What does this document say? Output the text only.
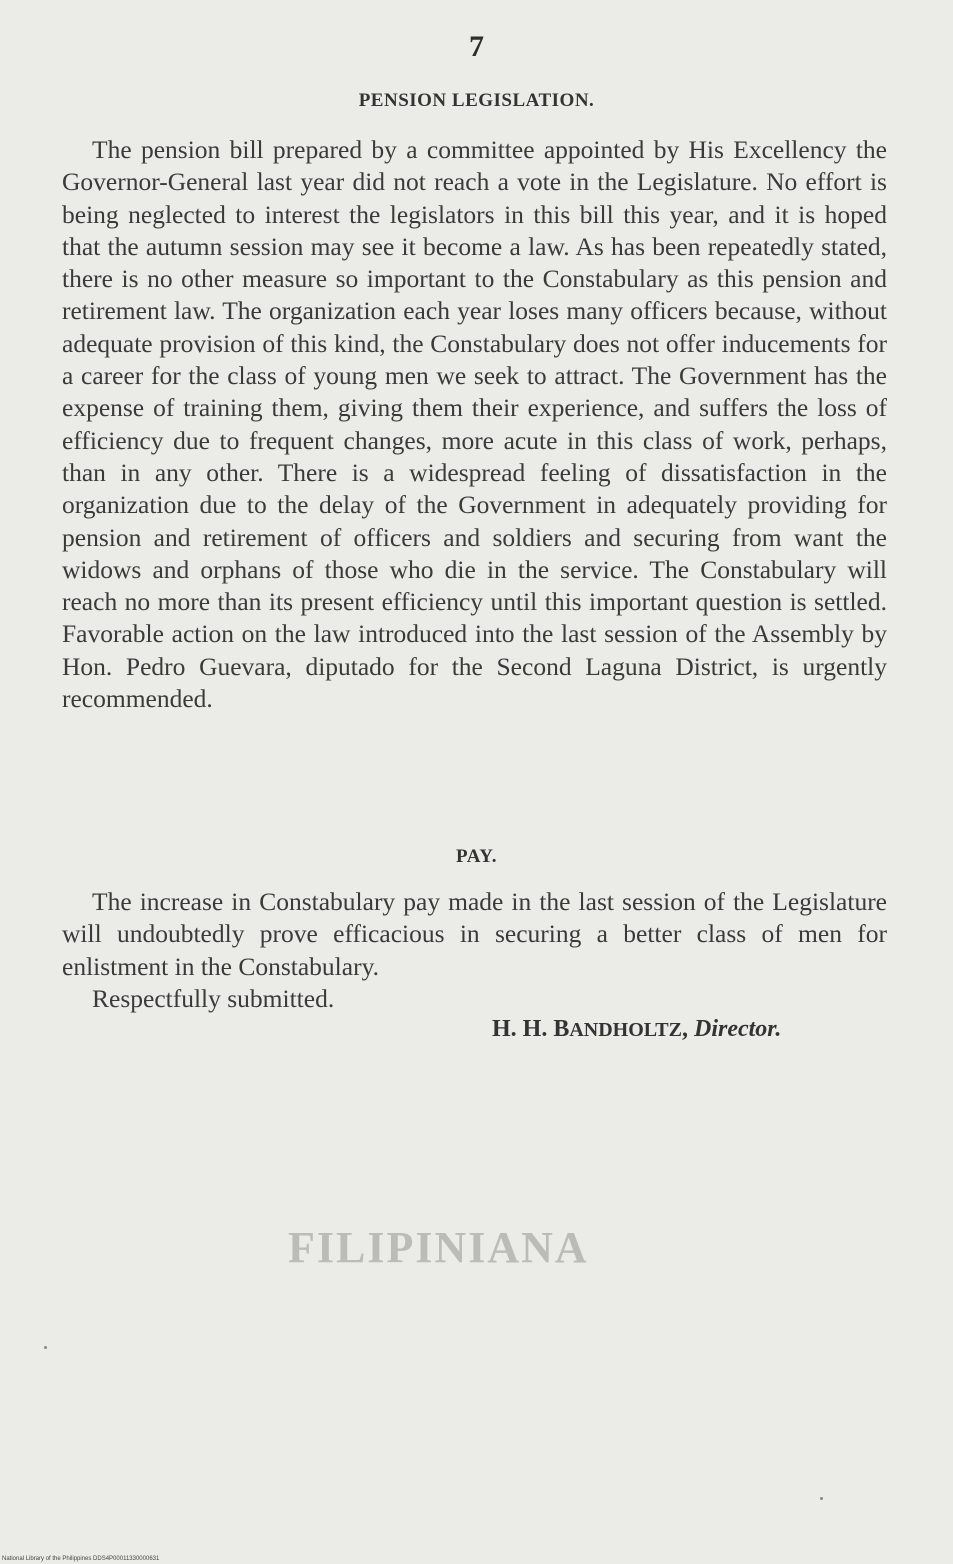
7
PENSION LEGISLATION.

The pension bill prepared by a committee appointed by His Excellency the Governor-General last year did not reach a vote in the Legislature. No effort is being neglected to interest the legislators in this bill this year, and it is hoped that the autumn session may see it become a law. As has been repeatedly stated, there is no other measure so important to the Constabulary as this pension and retirement law. The organization each year loses many officers because, without adequate provision of this kind, the Constabulary does not offer inducements for a career for the class of young men we seek to attract. The Government has the expense of training them, giving them their experience, and suffers the loss of efficiency due to frequent changes, more acute in this class of work, perhaps, than in any other. There is a widespread feeling of dissatisfaction in the organization due to the delay of the Government in adequately providing for pension and retirement of officers and soldiers and securing from want the widows and orphans of those who die in the service. The Constabulary will reach no more than its present efficiency until this important question is settled. Favorable action on the law introduced into the last session of the Assembly by Hon. Pedro Guevara, diputado for the Second Laguna District, is urgently recommended.

PAY.

The increase in Constabulary pay made in the last session of the Legislature will undoubtedly prove efficacious in securing a better class of men for enlistment in the Constabulary.

Respectfully submitted.
H. H. BANDHOLTZ, Director.
FILIPINIANA
National Library of the Philippines DDS4P00011330000631
